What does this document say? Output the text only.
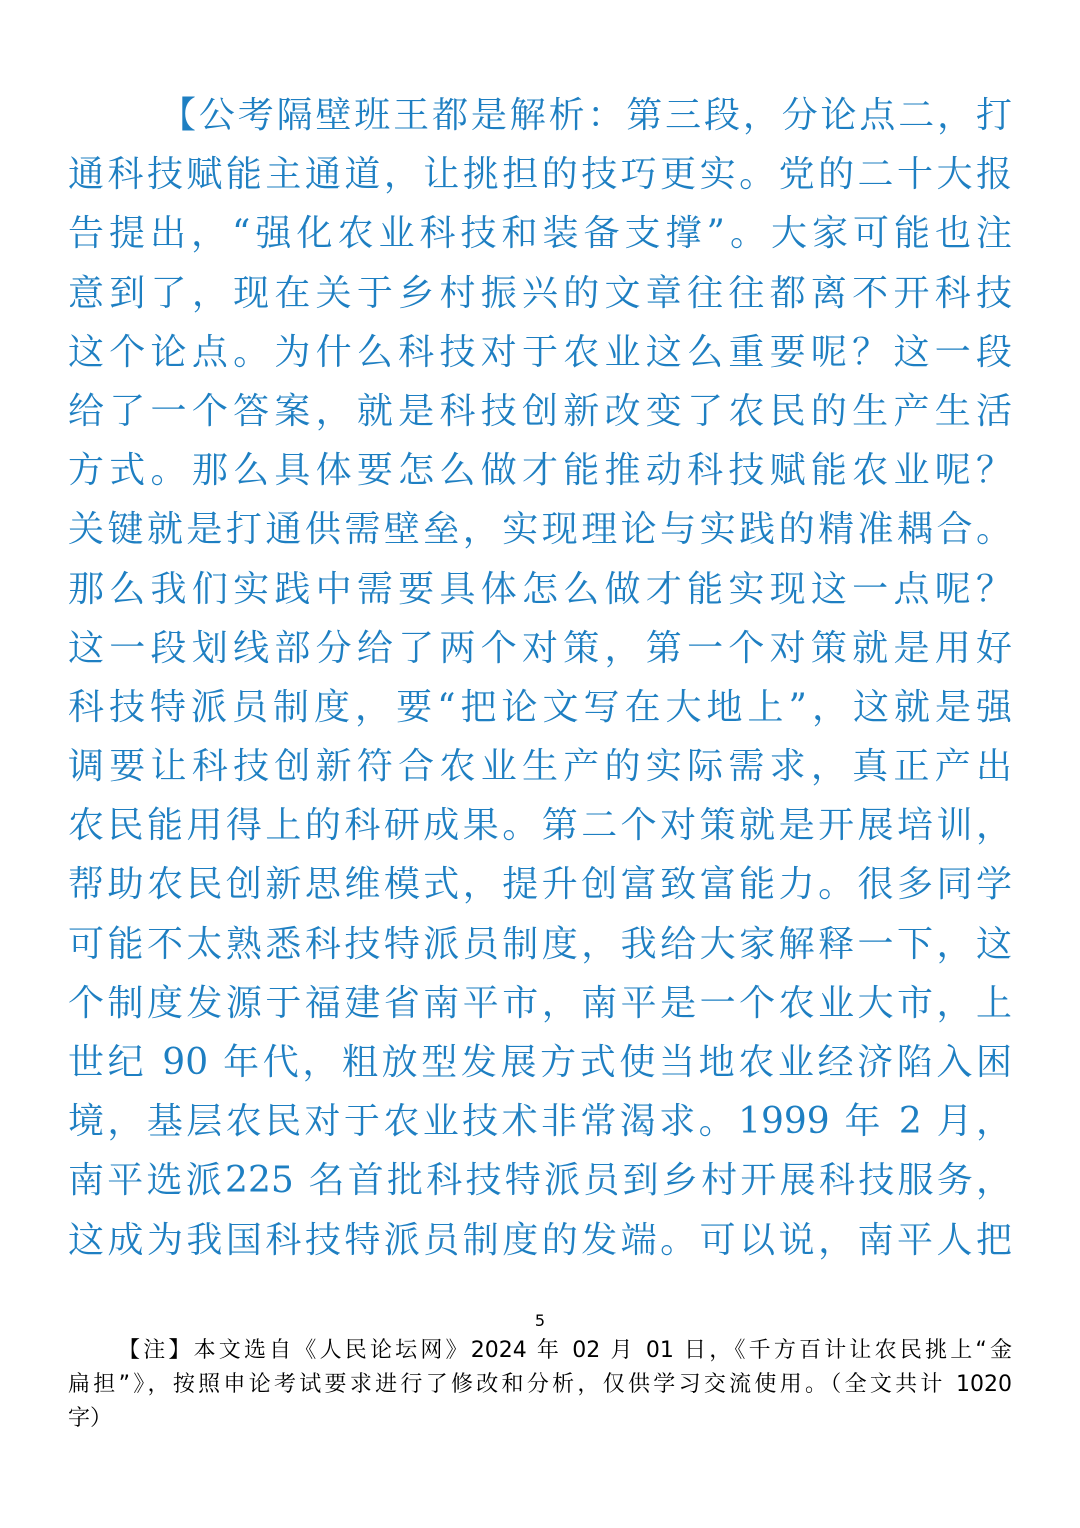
【公考隔壁班王都是解析：第三段，分论点二，打
通科技赋能主通道，让挑担的技巧更实。党的二十大报
告提出，“强化农业科技和装备支撑”。大家可能也注
意到了，现在关于乡村振兴的文章往往都离不开科技
这个论点。为什么科技对于农业这么重要呢？这一段
给了一个答案，就是科技创新改变了农民的生产生活
方式。那么具体要怎么做才能推动科技赋能农业呢？
关键就是打通供需壁垒，实现理论与实践的精准耦合。
那么我们实践中需要具体怎么做才能实现这一点呢？
这一段划线部分给了两个对策，第一个对策就是用好
科技特派员制度，要“把论文写在大地上”，这就是强
调要让科技创新符合农业生产的实际需求，真正产出
农民能用得上的科研成果。第二个对策就是开展培训，
帮助农民创新思维模式，提升创富致富能力。很多同学
可能不太熟悉科技特派员制度，我给大家解释一下，这
个制度发源于福建省南平市，南平是一个农业大市，上
世纪 90 年代，粗放型发展方式使当地农业经济陷入困
境，基层农民对于农业技术非常渴求。1999 年 2 月，
南平选派225 名首批科技特派员到乡村开展科技服务，
这成为我国科技特派员制度的发端。可以说，南平人把
5
【注】本文选自《人民论坛网》2024 年 02 月 01 日，《千方百计让农民挑上“金
扁担”》，按照申论考试要求进行了修改和分析，仅供学习交流使用。（全文共计 1020
字）
